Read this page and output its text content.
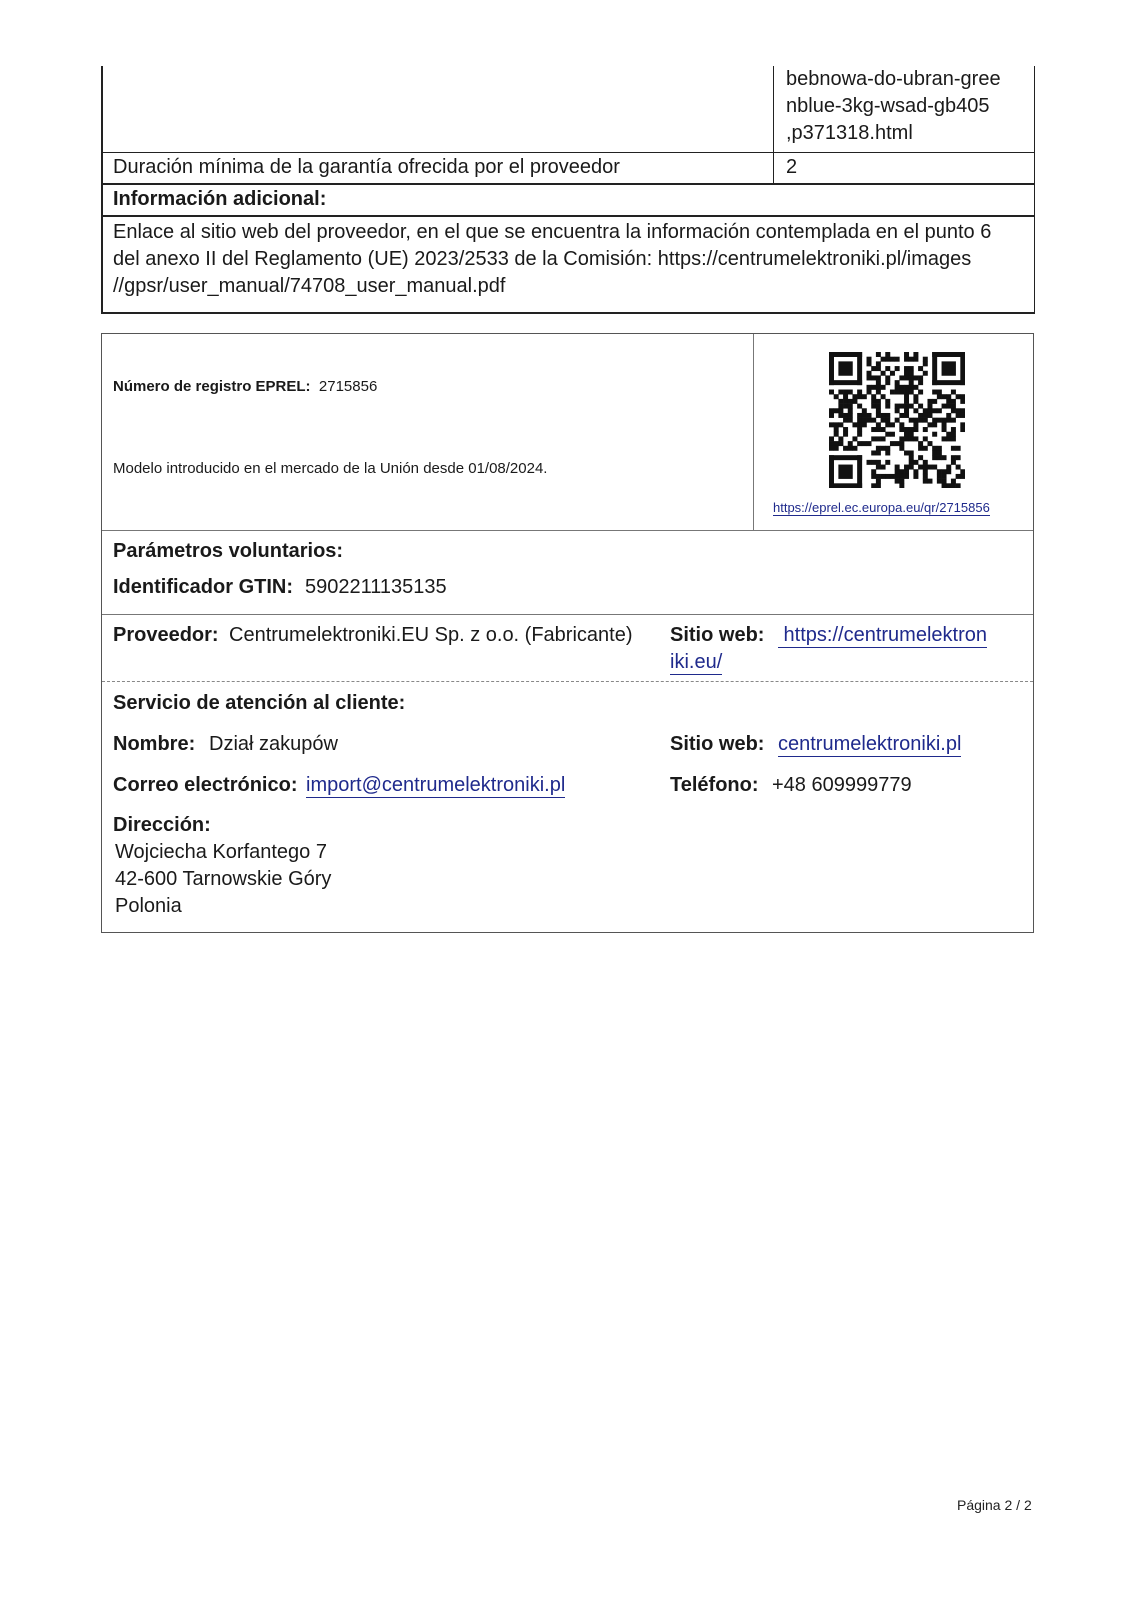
bebnowa-do-ubran-gree
nblue-3kg-wsad-gb405
,p371318.html
Duración mínima de la garantía ofrecida por el proveedor	2
Información adicional:
Enlace al sitio web del proveedor, en el que se encuentra la información contemplada en el punto 6
del anexo II del Reglamento (UE) 2023/2533 de la Comisión: https://centrumelektroniki.pl/images
//gpsr/user_manual/74708_user_manual.pdf
Número de registro EPREL: 2715856
Modelo introducido en el mercado de la Unión desde 01/08/2024.
https://eprel.ec.europa.eu/qr/2715856
Parámetros voluntarios:
Identificador GTIN: 5902211135135
Proveedor: Centrumelektroniki.EU Sp. z o.o. (Fabricante) Sitio web: https://centrumelektron
iki.eu/
Servicio de atención al cliente:
Nombre: Dział zakupów	Sitio web: centrumelektroniki.pl
Correo electrónico: import@centrumelektroniki.pl	Teléfono: +48 609999779
Dirección:
Wojciecha Korfantego 7
42-600 Tarnowskie Góry
Polonia
Página 2 / 2
